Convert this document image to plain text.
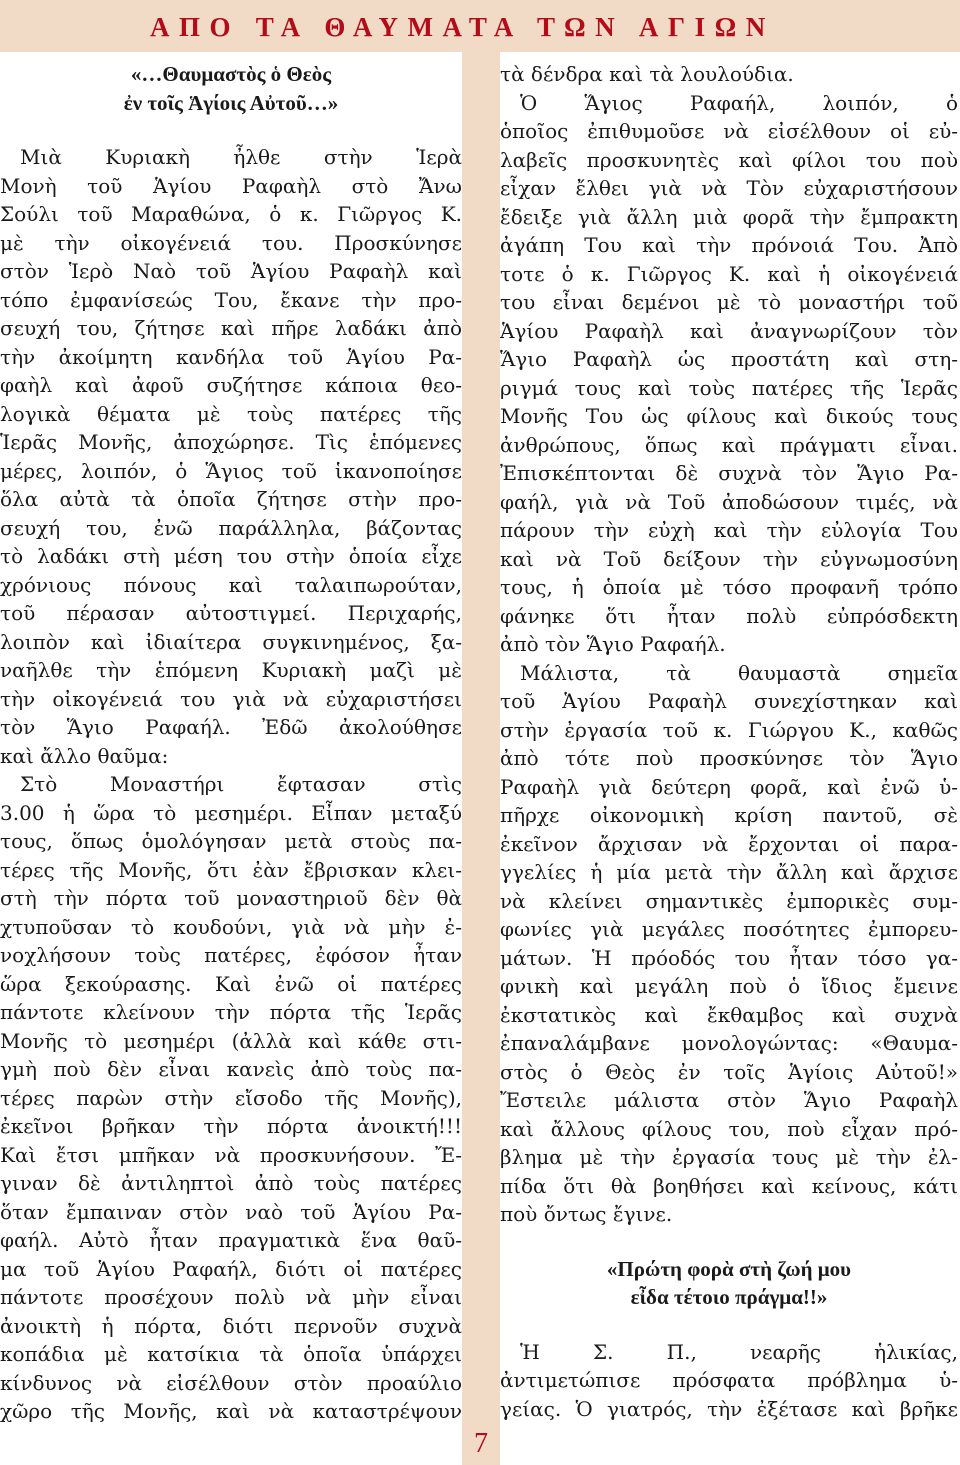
ΑΠΟ ΤΑ ΘΑΥΜΑΤΑ ΤΩΝ ΑΓΙΩΝ
«…Θαυμαστὸς ὁ Θεὸς
ἐν τοῖς Ἁγίοις Αὐτοῦ…»
Μιὰ Κυριακὴ ἦλθε στὴν Ἱερὰ
Μονὴ τοῦ Ἁγίου Ραφαὴλ στὸ Ἄνω
Σούλι τοῦ Μαραθώνα, ὁ κ. Γιῶργος Κ.
μὲ τὴν οἰκογένειά του. Προσκύνησε
στὸν Ἱερὸ Ναὸ τοῦ Ἁγίου Ραφαὴλ καὶ
τόπο ἐμφανίσεώς Του, ἔκανε τὴν προ-
σευχή του, ζήτησε καὶ πῆρε λαδάκι ἀπὸ
τὴν ἀκοίμητη κανδήλα τοῦ Ἁγίου Ρα-
φαὴλ καὶ ἀφοῦ συζήτησε κάποια θεο-
λογικὰ θέματα μὲ τοὺς πατέρες τῆς
Ἱερᾶς Μονῆς, ἀποχώρησε. Τὶς ἑπόμενες
μέρες, λοιπόν, ὁ Ἅγιος τοῦ ἱκανοποίησε
ὅλα αὐτὰ τὰ ὁποῖα ζήτησε στὴν προ-
σευχή του, ἐνῶ παράλληλα, βάζοντας
τὸ λαδάκι στὴ μέση του στὴν ὁποία εἶχε
χρόνιους πόνους καὶ ταλαιπωρούταν,
τοῦ πέρασαν αὐτοστιγμεί. Περιχαρής,
λοιπὸν καὶ ἰδιαίτερα συγκινημένος, ξα-
ναῆλθε τὴν ἑπόμενη Κυριακὴ μαζὶ μὲ
τὴν οἰκογένειά του γιὰ νὰ εὐχαριστήσει
τὸν Ἅγιο Ραφαήλ. Ἐδῶ ἀκολούθησε
καὶ ἄλλο θαῦμα:
Στὸ Μοναστήρι ἔφτασαν στὶς
3.00 ἡ ὥρα τὸ μεσημέρι. Εἶπαν μεταξύ
τους, ὅπως ὁμολόγησαν μετὰ στοὺς πα-
τέρες τῆς Μονῆς, ὅτι ἐὰν ἔβρισκαν κλει-
στὴ τὴν πόρτα τοῦ μοναστηριοῦ δὲν θὰ
χτυποῦσαν τὸ κουδούνι, γιὰ νὰ μὴν ἐ-
νοχλήσουν τοὺς πατέρες, ἐφόσον ἦταν
ὥρα ξεκούρασης. Καὶ ἐνῶ οἱ πατέρες
πάντοτε κλείνουν τὴν πόρτα τῆς Ἱερᾶς
Μονῆς τὸ μεσημέρι (ἀλλὰ καὶ κάθε στι-
γμὴ ποὺ δὲν εἶναι κανεὶς ἀπὸ τοὺς πα-
τέρες παρὼν στὴν εἴσοδο τῆς Μονῆς),
ἐκεῖνοι βρῆκαν τὴν πόρτα ἀνοικτή!!!
Καὶ ἔτσι μπῆκαν νὰ προσκυνήσουν. Ἔ-
γιναν δὲ ἀντιληπτοὶ ἀπὸ τοὺς πατέρες
ὅταν ἔμπαιναν στὸν ναὸ τοῦ Ἁγίου Ρα-
φαήλ. Αὐτὸ ἦταν πραγματικὰ ἕνα θαῦ-
μα τοῦ Ἁγίου Ραφαήλ, διότι οἱ πατέρες
πάντοτε προσέχουν πολὺ νὰ μὴν εἶναι
ἀνοικτὴ ἡ πόρτα, διότι περνοῦν συχνὰ
κοπάδια μὲ κατσίκια τὰ ὁποῖα ὑπάρχει
κίνδυνος νὰ εἰσέλθουν στὸν προαύλιο
χῶρο τῆς Μονῆς, καὶ νὰ καταστρέψουν
τὰ δένδρα καὶ τὰ λουλούδια.
Ὁ Ἅγιος Ραφαήλ, λοιπόν, ὁ
ὁποῖος ἐπιθυμοῦσε νὰ εἰσέλθουν οἱ εὐ-
λαβεῖς προσκυνητὲς καὶ φίλοι του ποὺ
εἶχαν ἔλθει γιὰ νὰ Τὸν εὐχαριστήσουν
ἔδειξε γιὰ ἄλλη μιὰ φορᾶ τὴν ἔμπρακτη
ἀγάπη Του καὶ τὴν πρόνοιά Του. Ἀπὸ
τοτε ὁ κ. Γιῶργος Κ. καὶ ἡ οἰκογένειά
του εἶναι δεμένοι μὲ τὸ μοναστήρι τοῦ
Ἁγίου Ραφαὴλ καὶ ἀναγνωρίζουν τὸν
Ἅγιο Ραφαὴλ ὡς προστάτη καὶ στη-
ριγμά τους καὶ τοὺς πατέρες τῆς Ἱερᾶς
Μονῆς Του ὡς φίλους καὶ δικούς τους
ἀνθρώπους, ὅπως καὶ πράγματι εἶναι.
Ἐπισκέπτονται δὲ συχνὰ τὸν Ἅγιο Ρα-
φαήλ, γιὰ νὰ Τοῦ ἀποδώσουν τιμές, νὰ
πάρουν τὴν εὐχὴ καὶ τὴν εὐλογία Του
καὶ νὰ Τοῦ δείξουν τὴν εὐγνωμοσύνη
τους, ἡ ὁποία μὲ τόσο προφανῆ τρόπο
φάνηκε ὅτι ἦταν πολὺ εὐπρόσδεκτη
ἀπὸ τὸν Ἅγιο Ραφαήλ.
Μάλιστα, τὰ θαυμαστὰ σημεῖα
τοῦ Ἁγίου Ραφαὴλ συνεχίστηκαν καὶ
στὴν ἐργασία τοῦ κ. Γιώργου Κ., καθῶς
ἀπὸ τότε ποὺ προσκύνησε τὸν Ἅγιο
Ραφαὴλ γιὰ δεύτερη φορᾶ, καὶ ἐνῶ ὑ-
πῆρχε οἰκονομικὴ κρίση παντοῦ, σὲ
ἐκεῖνον ἄρχισαν νὰ ἔρχονται οἱ παρα-
γγελίες ἡ μία μετὰ τὴν ἄλλη καὶ ἄρχισε
νὰ κλείνει σημαντικὲς ἐμπορικὲς συμ-
φωνίες γιὰ μεγάλες ποσότητες ἐμπορευ-
μάτων. Ἡ πρόοδός του ἦταν τόσο γα-
φνικὴ καὶ μεγάλη ποὺ ὁ ἴδιος ἔμεινε
ἐκστατικὸς καὶ ἔκθαμβος καὶ συχνὰ
ἐπαναλάμβανε μονολογώντας: «Θαυμα-
στὸς ὁ Θεὸς ἐν τοῖς Ἁγίοις Αὐτοῦ!»
Ἔστειλε μάλιστα στὸν Ἅγιο Ραφαὴλ
καὶ ἄλλους φίλους του, ποὺ εἶχαν πρό-
βλημα μὲ τὴν ἐργασία τους μὲ τὴν ἐλ-
πίδα ὅτι θὰ βοηθήσει καὶ κείνους, κάτι
ποὺ ὄντως ἔγινε.
«Πρώτη φορὰ στὴ ζωή μου
εἶδα τέτοιο πράγμα!!»
Ἡ Σ. Π., νεαρῆς ἡλικίας,
ἀντιμετώπισε πρόσφατα πρόβλημα ὑ-
γείας. Ὁ γιατρός, τὴν ἐξέτασε καὶ βρῆκε
7
